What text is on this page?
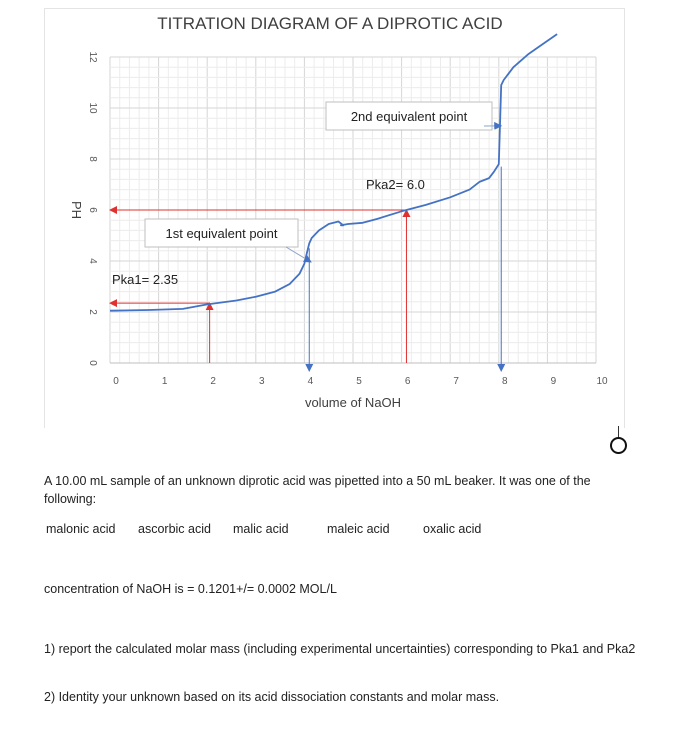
0	1	2	3	4	5	6	7	8	9	10
0
2
4
6
8
10
12
TITRATION DIAGRAM OF A DIPROTIC ACID
volume of NaOH
PH
1st equivalent point
2nd equivalent point
Pka1= 2.35
Pka2= 6.0
A 10.00 mL sample of an unknown diprotic acid was pipetted into a 50 mL beaker. It was one of the following:
malonic acid ascorbic acid malic acid	maleic acid	oxalic acid
concentration of NaOH is = 0.1201+/= 0.0002 MOL/L
1) report the calculated molar mass (including experimental uncertainties) corresponding to Pka1 and Pka2
2) Identity your unknown based on its acid dissociation constants and molar mass.
